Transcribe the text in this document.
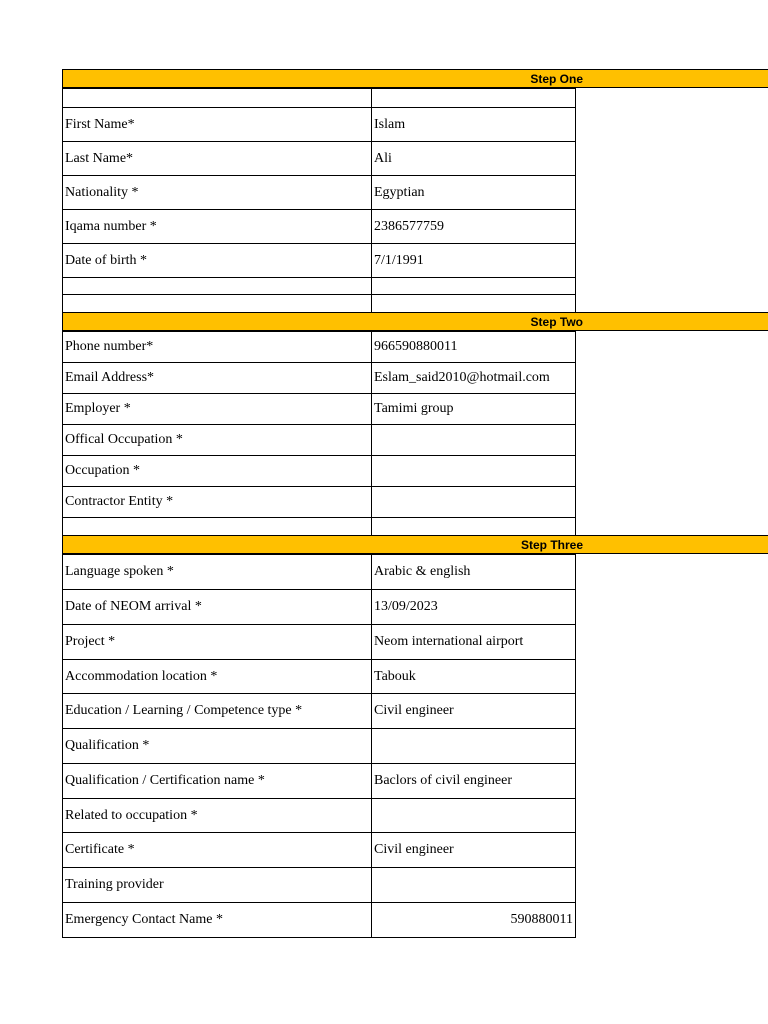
Step One

First Name*	Islam
Last Name*	Ali
Nationality *	Egyptian
Iqama number *	2386577759
Date of birth *	7/1/1991

Step Two
Phone number*	966590880011
Email Address*	Eslam_said2010@hotmail.com
Employer *	Tamimi group
Offical Occupation *	
Occupation *	
Contractor Entity *	

Step Three
Language spoken *	Arabic & english
Date of NEOM arrival *	13/09/2023
Project *	Neom international airport
Accommodation location *	Tabouk
Education / Learning / Competence type *	Civil engineer
Qualification *	
Qualification / Certification name *	Baclors of civil engineer
Related to occupation *	
Certificate *	Civil engineer
Training provider	
Emergency Contact Name *	590880011
